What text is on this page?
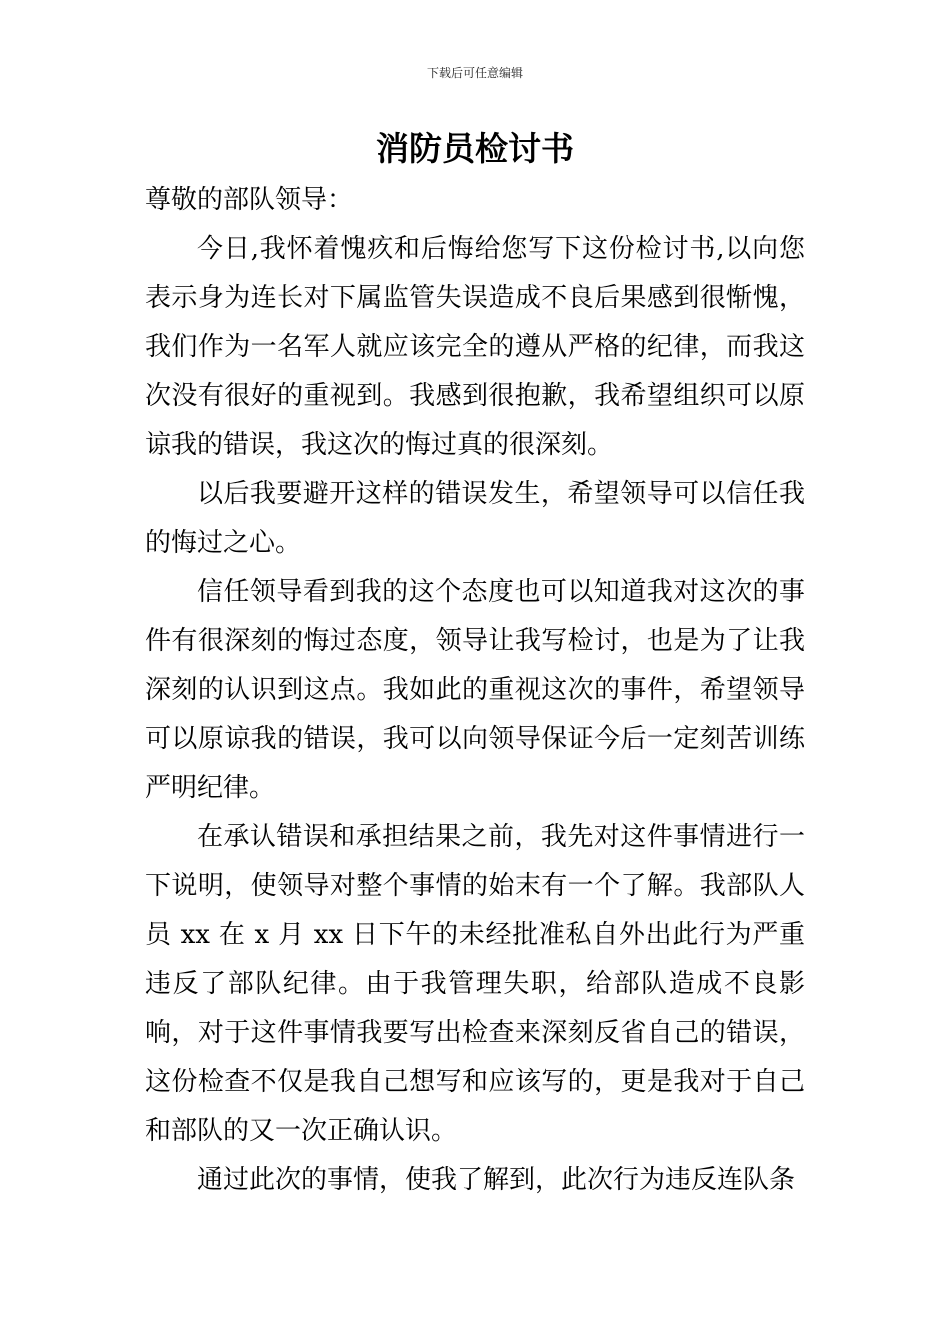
下载后可任意编辑
消防员检讨书

尊敬的部队领导：

今日,我怀着愧疚和后悔给您写下这份检讨书,以向您表示身为连长对下属监管失误造成不良后果感到很惭愧，我们作为一名军人就应该完全的遵从严格的纪律，而我这次没有很好的重视到。我感到很抱歉，我希望组织可以原谅我的错误，我这次的悔过真的很深刻。

以后我要避开这样的错误发生，希望领导可以信任我的悔过之心。

信任领导看到我的这个态度也可以知道我对这次的事件有很深刻的悔过态度，领导让我写检讨，也是为了让我深刻的认识到这点。我如此的重视这次的事件，希望领导可以原谅我的错误，我可以向领导保证今后一定刻苦训练严明纪律。

在承认错误和承担结果之前，我先对这件事情进行一下说明，使领导对整个事情的始末有一个了解。我部队人员 xx 在 x 月 xx 日下午的未经批准私自外出此行为严重违反了部队纪律。由于我管理失职，给部队造成不良影响，对于这件事情我要写出检查来深刻反省自己的错误，这份检查不仅是我自己想写和应该写的，更是我对于自己和部队的又一次正确认识。

通过此次的事情，使我了解到，此次行为违反连队条
